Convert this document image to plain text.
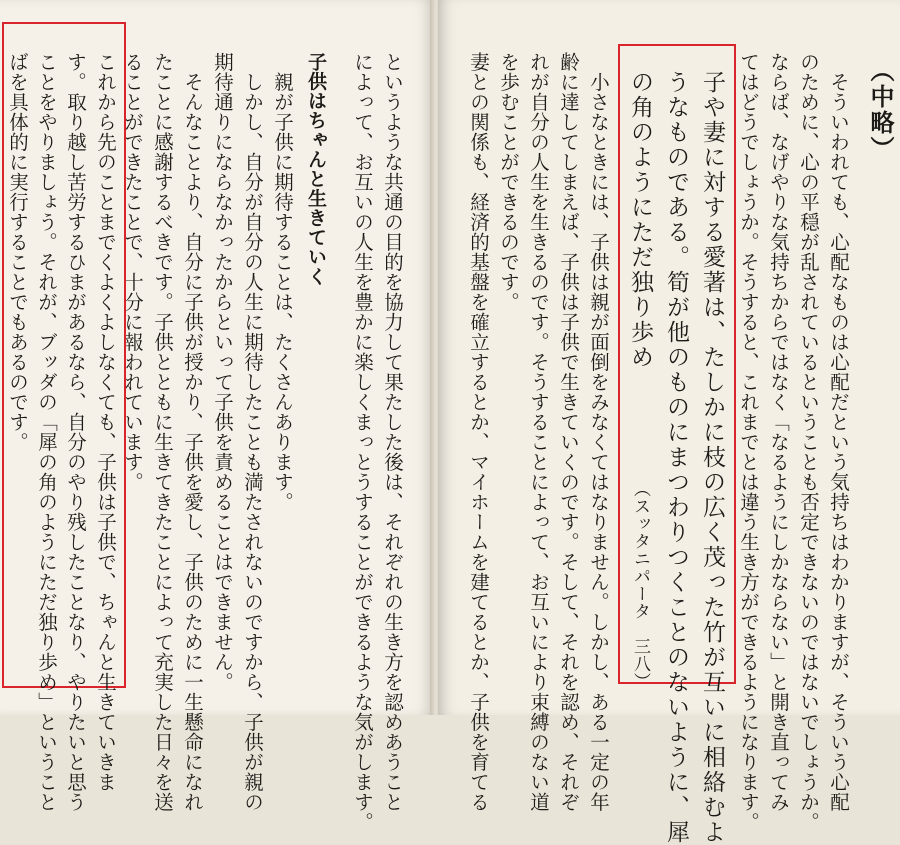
というような共通の目的を協力して果たした後は、それぞれの生き方を認めあうこと
によって、お互いの人生を豊かに楽しくまっとうすることができるような気がします。
子供はちゃんと生きていく
親が子供に期待することは、たくさんあります。
しかし、自分が自分の人生に期待したことも満たされないのですから、子供が親の
期待通りにならなかったからといって子供を責めることはできません。
そんなことより、自分に子供が授かり、子供を愛し、子供のために一生懸命になれ
たことに感謝するべきです。子供とともに生きてきたことによって充実した日々を送
ることができたことで、十分に報われています。
これから先のことまでくよくよしなくても、子供は子供で、ちゃんと生きていきま
す。取り越し苦労するひまがあるなら、自分のやり残したことなり、やりたいと思う
ことをやりましょう。それが、ブッダの「犀の角のようにただ独り歩め」ということ
ばを具体的に実行することでもあるのです。	（中略）
そういわれても、心配なものは心配だという気持ちはわかりますが、そういう心配
のために、心の平穏が乱されているということも否定できないのではないでしょうか。
ならば、なげやりな気持ちからではなく「なるようにしかならない」と開き直ってみ
てはどうでしょうか。そうすると、これまでとは違う生き方ができるようになります。
子や妻に対する愛著は、たしかに枝の広く茂った竹が互いに相絡むよ
うなものである。筍が他のものにまつわりつくことのないように、犀
の角のようにただ独り歩め
（スッタニパータ　三八）
小さなときには、子供は親が面倒をみなくてはなりません。しかし、ある一定の年
齢に達してしまえば、子供は子供で生きていくのです。そして、それを認め、それぞ
れが自分の人生を生きるのです。そうすることによって、お互いにより束縛のない道
を歩むことができるのです。
妻との関係も、経済的基盤を確立するとか、マイホームを建てるとか、子供を育てる
